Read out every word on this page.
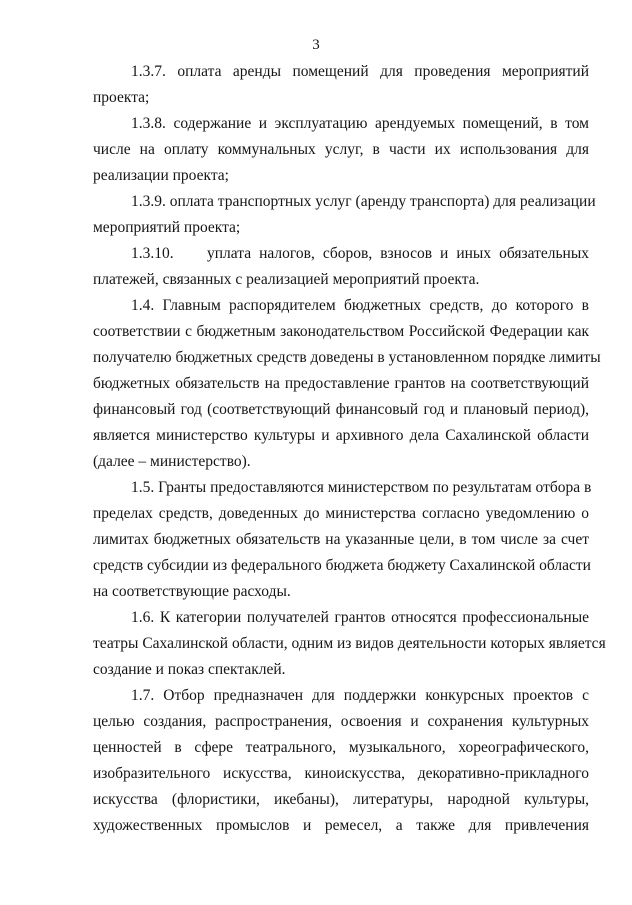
3
1.3.7. оплата аренды помещений для проведения мероприятий
проекта;
1.3.8. содержание и эксплуатацию арендуемых помещений, в том
числе на оплату коммунальных услуг, в части их использования для
реализации проекта;
1.3.9. оплата транспортных услуг (аренду транспорта) для реализации
мероприятий проекта;
1.3.10.	уплата налогов, сборов, взносов и иных обязательных
платежей, связанных с реализацией мероприятий проекта.
1.4. Главным распорядителем бюджетных средств, до которого в
соответствии с бюджетным законодательством Российской Федерации как
получателю бюджетных средств доведены в установленном порядке лимиты
бюджетных обязательств на предоставление грантов на соответствующий
финансовый год (соответствующий финансовый год и плановый период),
является министерство культуры и архивного дела Сахалинской области
(далее – министерство).
1.5. Гранты предоставляются министерством по результатам отбора в
пределах средств, доведенных до министерства согласно уведомлению о
лимитах бюджетных обязательств на указанные цели, в том числе за счет
средств субсидии из федерального бюджета бюджету Сахалинской области
на соответствующие расходы.
1.6. К категории получателей грантов относятся профессиональные
театры Сахалинской области, одним из видов деятельности которых является
создание и показ спектаклей.
1.7. Отбор предназначен для поддержки конкурсных проектов с
целью создания, распространения, освоения и сохранения культурных
ценностей в сфере театрального, музыкального, хореографического,
изобразительного искусства, киноискусства, декоративно-прикладного
искусства (флористики, икебаны), литературы, народной культуры,
художественных промыслов и ремесел, а также для привлечения
